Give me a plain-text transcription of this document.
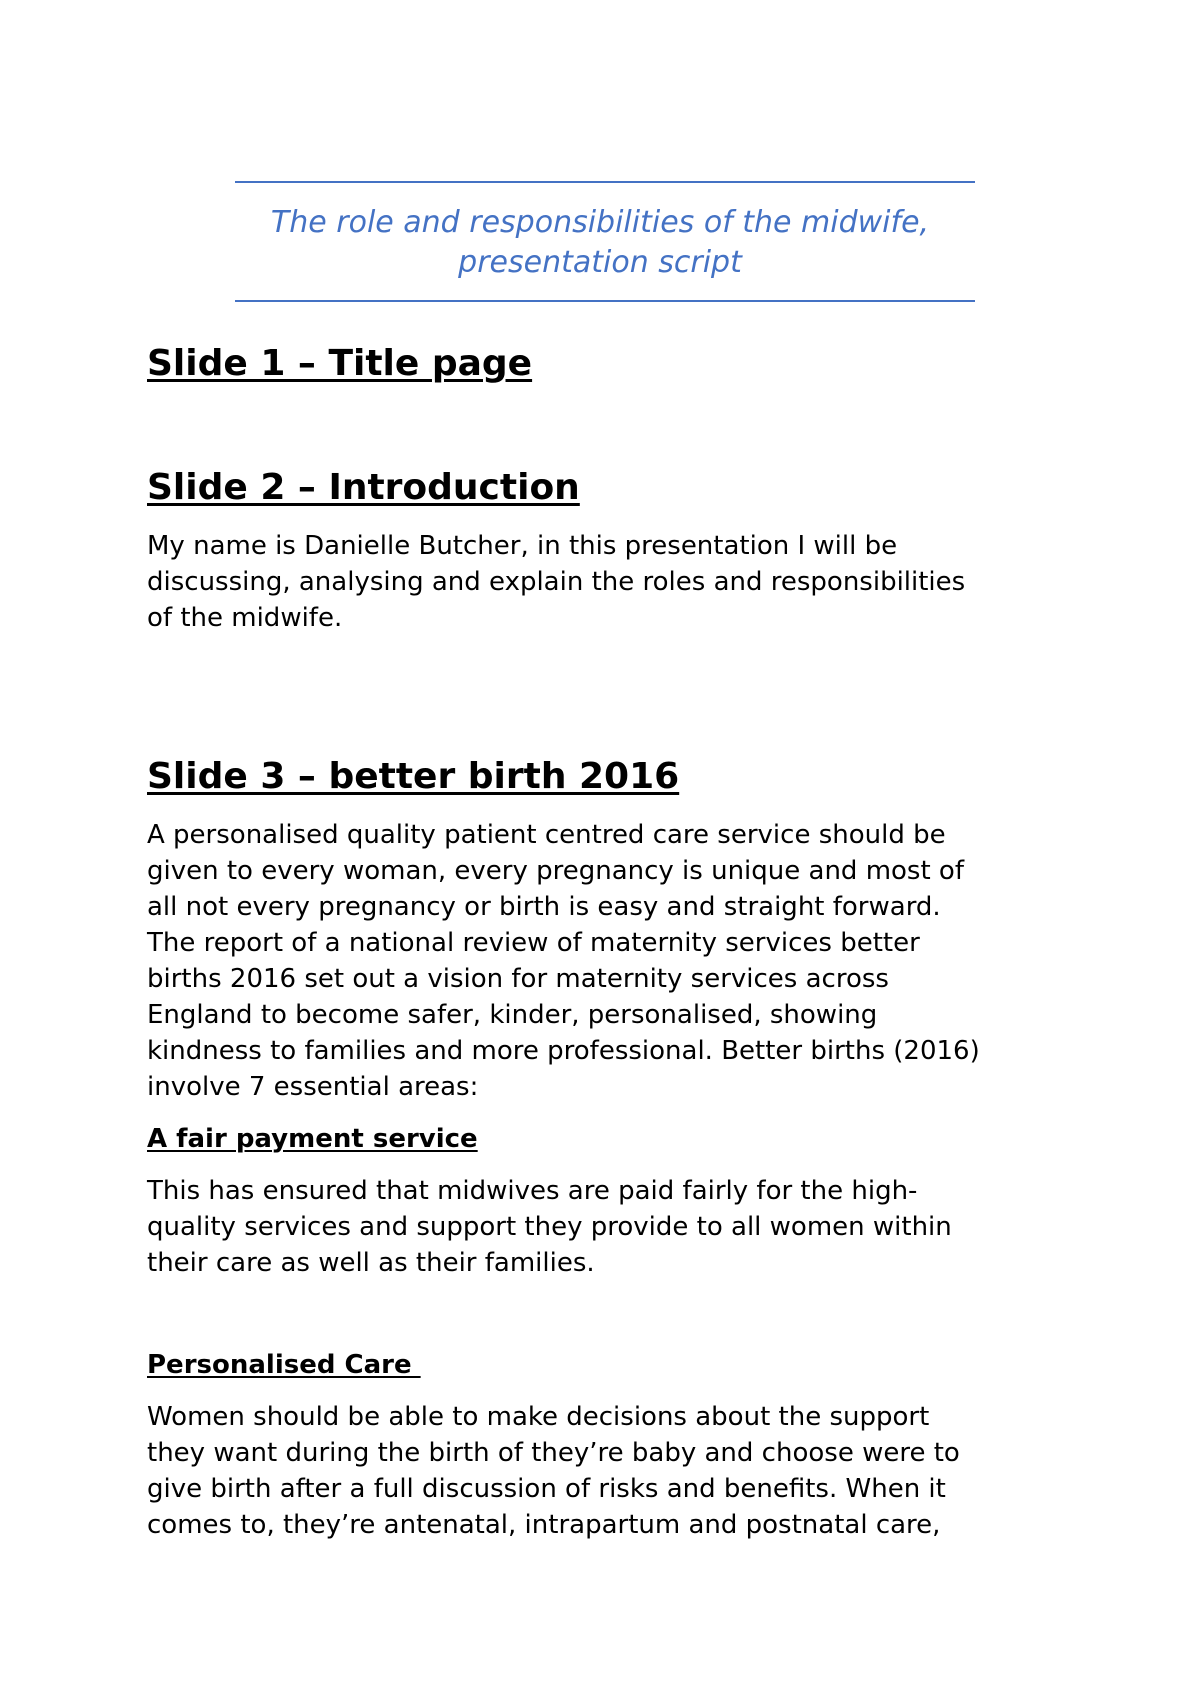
The role and responsibilities of the midwife,
presentation script
Slide 1 – Title page
Slide 2 – Introduction
My name is Danielle Butcher, in this presentation I will be
discussing, analysing and explain the roles and responsibilities
of the midwife.
Slide 3 – better birth 2016
A personalised quality patient centred care service should be
given to every woman, every pregnancy is unique and most of
all not every pregnancy or birth is easy and straight forward.
The report of a national review of maternity services better
births 2016 set out a vision for maternity services across
England to become safer, kinder, personalised, showing
kindness to families and more professional. Better births (2016)
involve 7 essential areas:
A fair payment service
This has ensured that midwives are paid fairly for the high-
quality services and support they provide to all women within
their care as well as their families.
Personalised Care
Women should be able to make decisions about the support
they want during the birth of they’re baby and choose were to
give birth after a full discussion of risks and benefits. When it
comes to, they’re antenatal, intrapartum and postnatal care,
